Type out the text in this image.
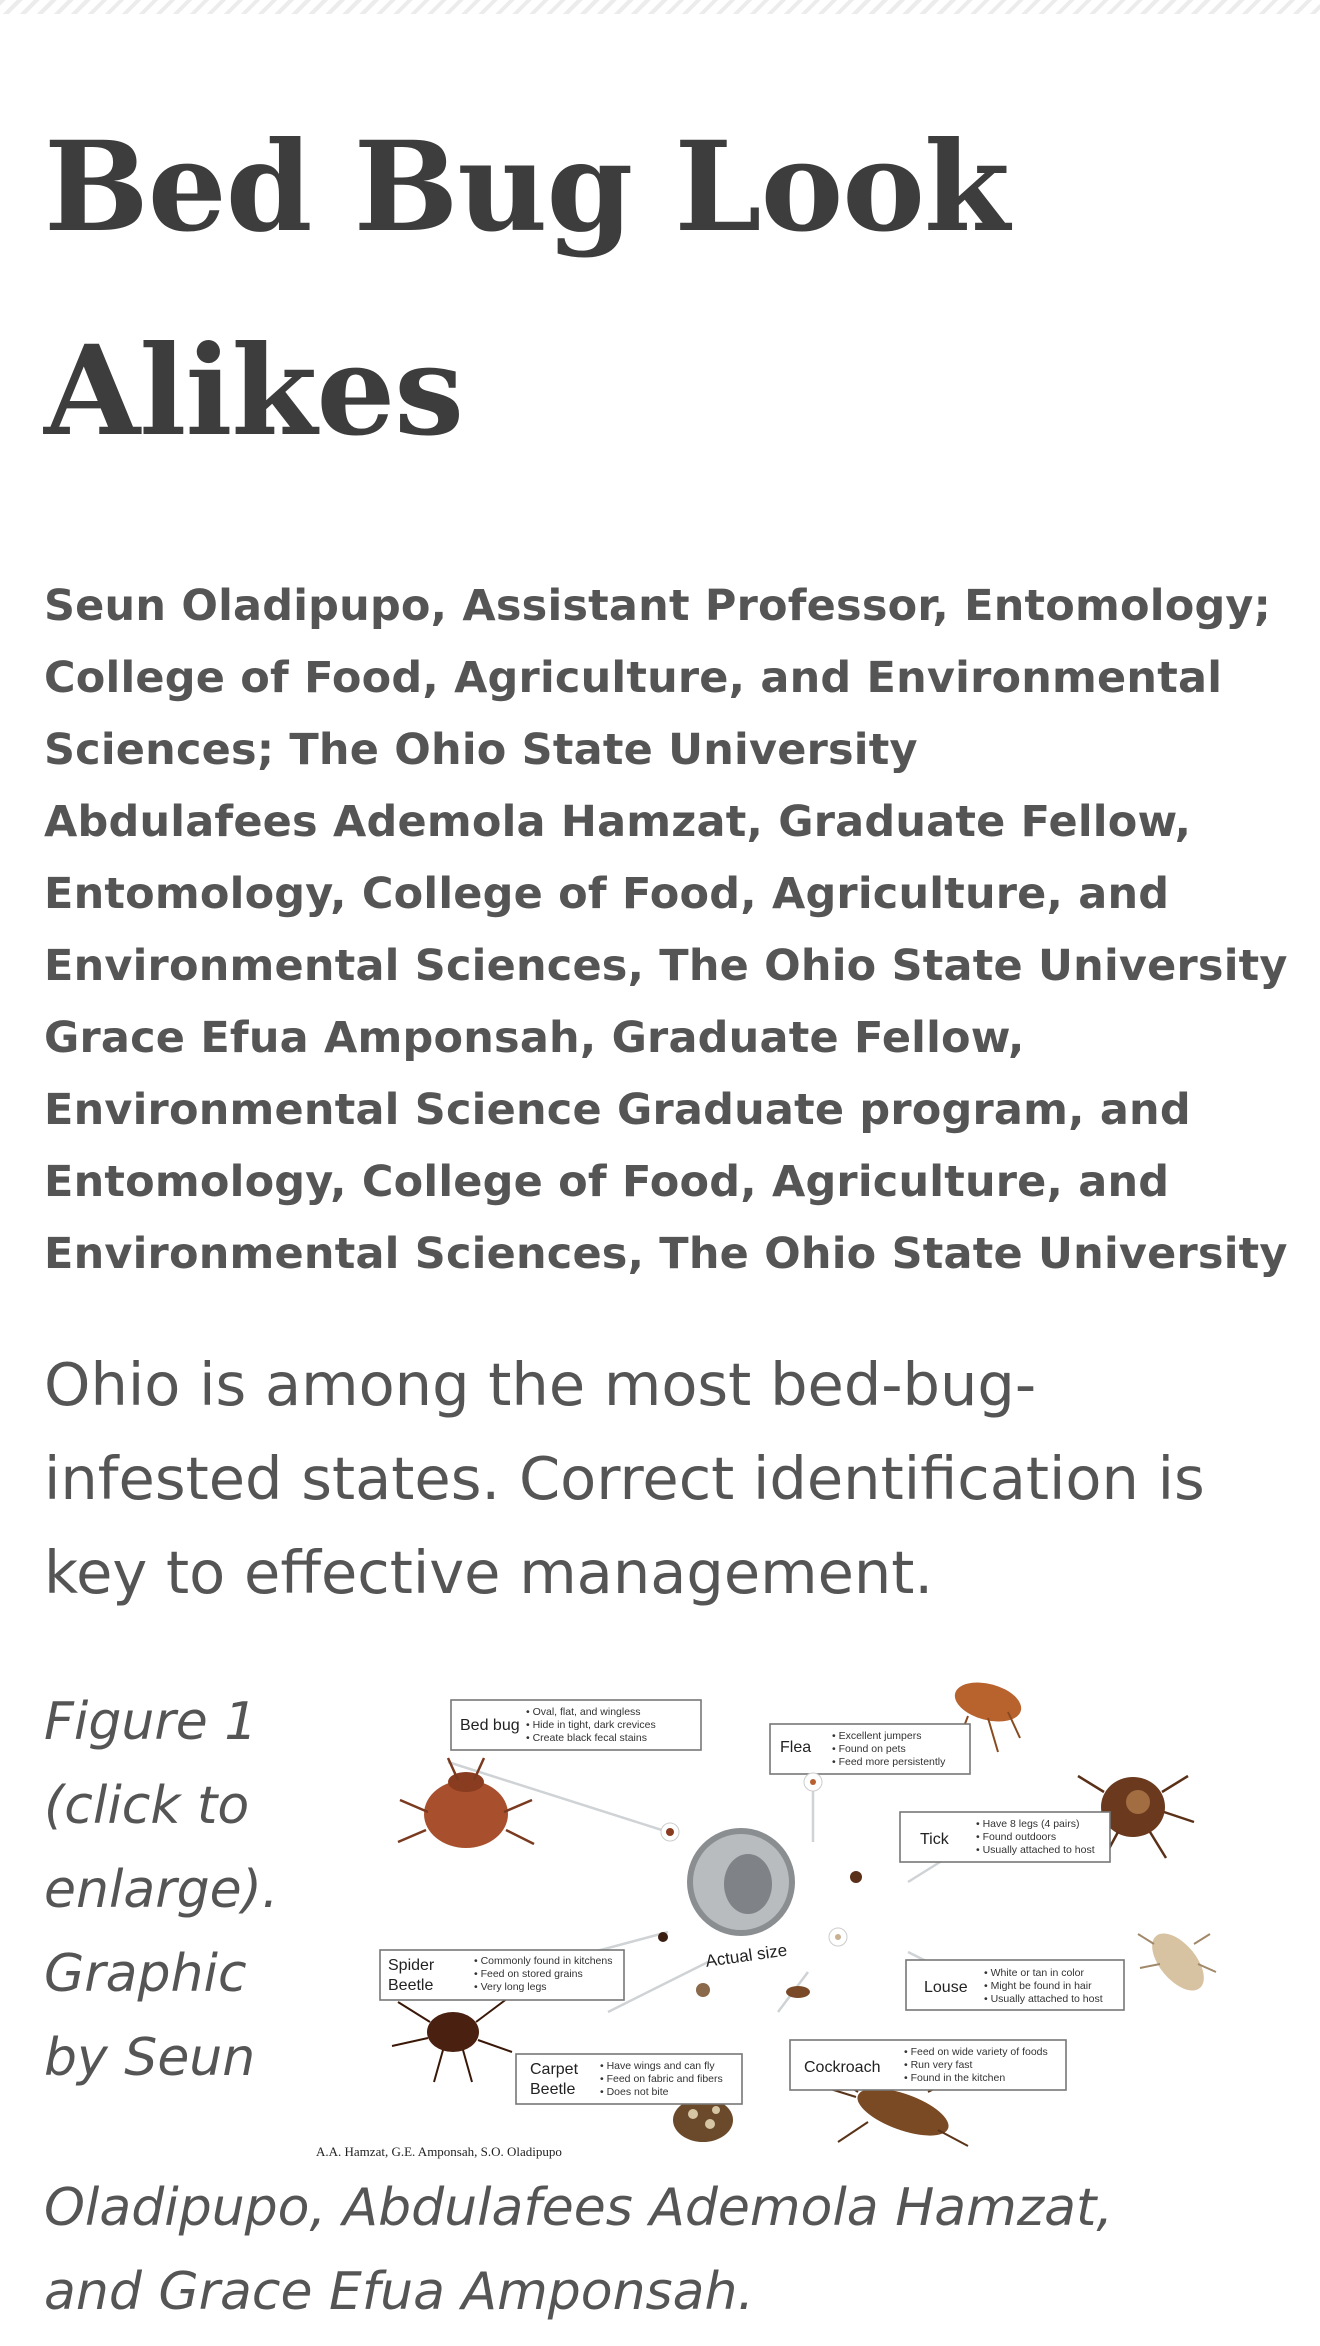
Bed Bug Look
Alikes
Seun Oladipupo, Assistant Professor, Entomology;
College of Food, Agriculture, and Environmental
Sciences; The Ohio State University
Abdulafees Ademola Hamzat, Graduate Fellow,
Entomology, College of Food, Agriculture, and
Environmental Sciences, The Ohio State University
Grace Efua Amponsah, Graduate Fellow,
Environmental Science Graduate program, and
Entomology, College of Food, Agriculture, and
Environmental Sciences, The Ohio State University
Ohio is among the most bed-bug-
infested states. Correct identification is
key to effective management.
Figure 1
(click to
enlarge).
Graphic
by Seun
Bed bug
• Oval, flat, and wingless
• Hide in tight, dark crevices
• Create black fecal stains
Flea
• Excellent jumpers
• Found on pets
• Feed more persistently
Tick
• Have 8 legs (4 pairs)
• Found outdoors
• Usually attached to host
Actual size
Louse
• White or tan in color
• Might be found in hair
• Usually attached to host
Spider
Beetle
• Commonly found in kitchens
• Feed on stored grains
• Very long legs
Carpet
Beetle
• Have wings and can fly
• Feed on fabric and fibers
• Does not bite
Cockroach
• Feed on wide variety of foods
• Run very fast
• Found in the kitchen
A.A. Hamzat, G.E. Amponsah, S.O. Oladipupo
Oladipupo, Abdulafees Ademola Hamzat,
and Grace Efua Amponsah.
